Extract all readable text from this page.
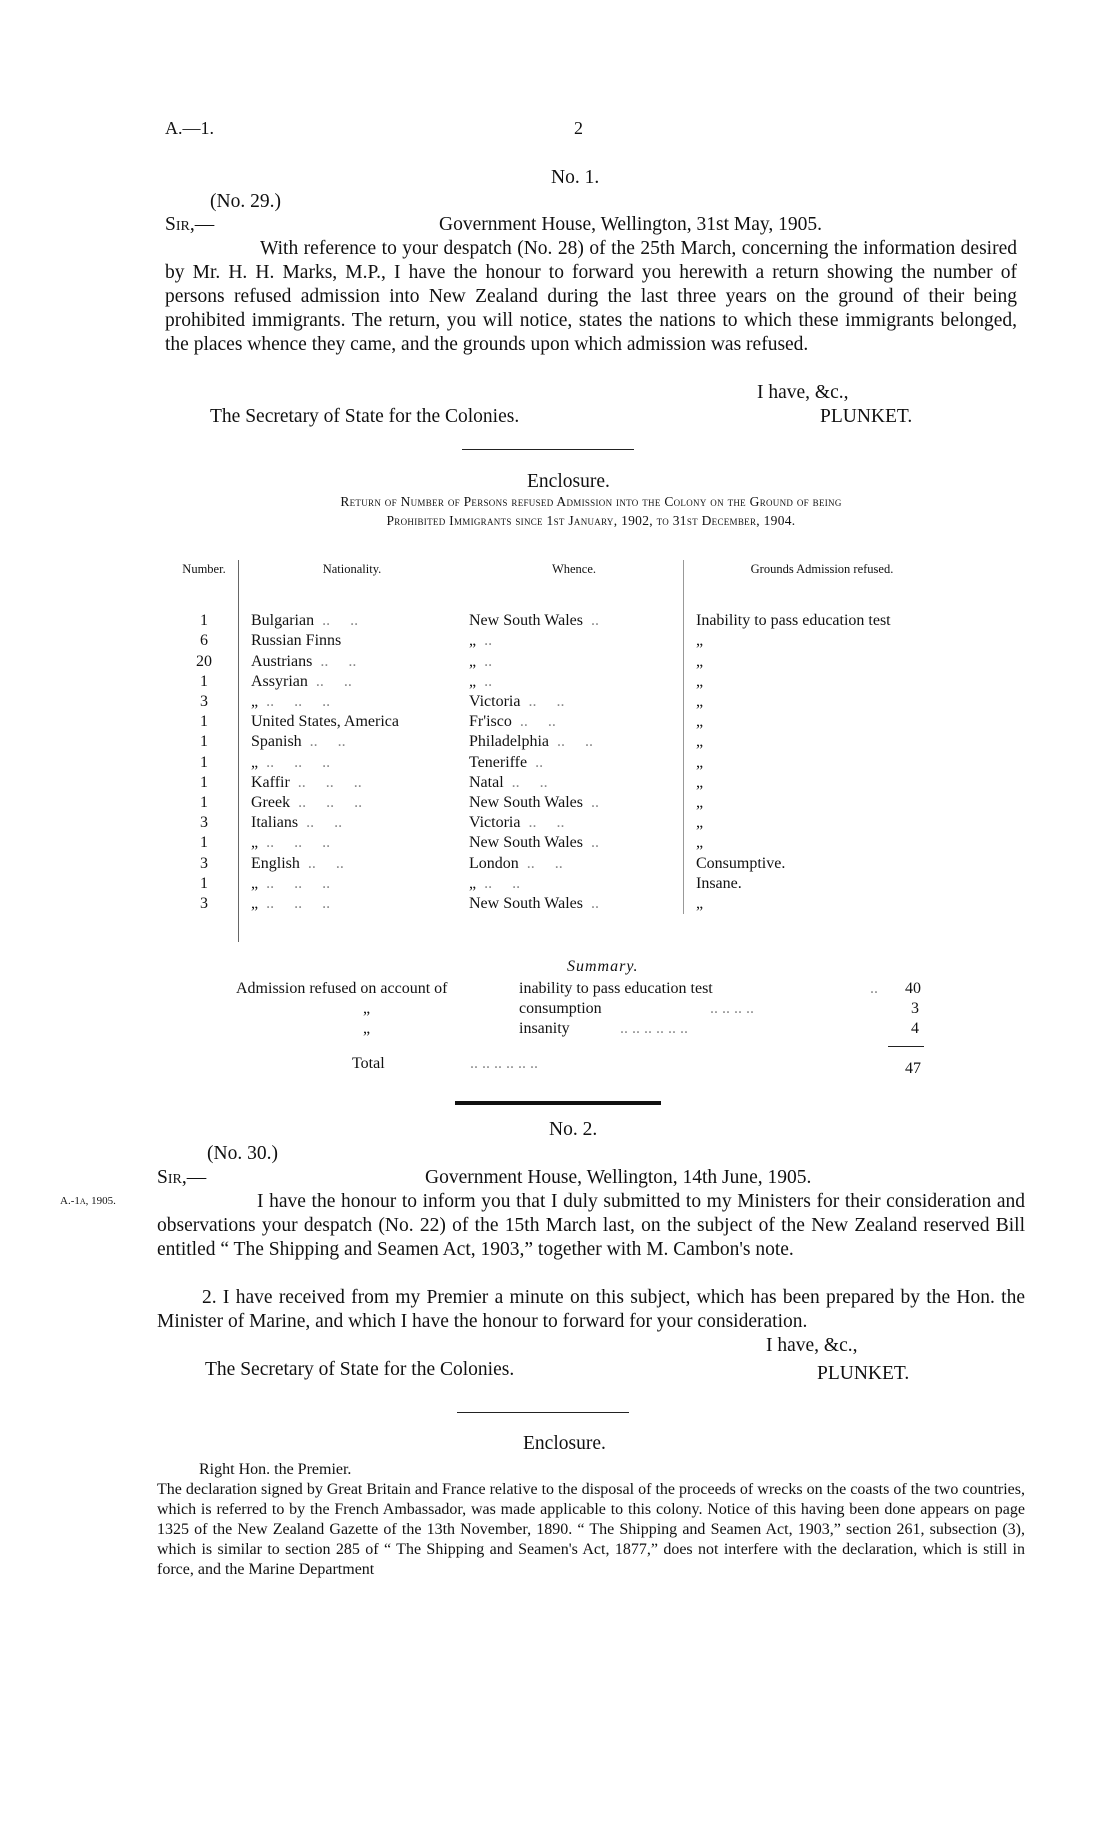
A.—1.	2
No. 1.
(No. 29.)
Sir,—	Government House, Wellington, 31st May, 1905.
With reference to your despatch (No. 28) of the 25th March, concerning the information desired by Mr. H. H. Marks, M.P., I have the honour to forward you herewith a return showing the number of persons refused admission into New Zealand during the last three years on the ground of their being prohibited immigrants. The return, you will notice, states the nations to which these immigrants belonged, the places whence they came, and the grounds upon which admission was refused.
I have, &c.,
The Secretary of State for the Colonies.	PLUNKET.
Enclosure.
Return of Number of Persons refused Admission into the Colony on the Ground of being
Prohibited Immigrants since 1st January, 1902, to 31st December, 1904.
Number.	Nationality.	Whence.	Grounds Admission refused.

1	Bulgarian ..     ..	New South Wales ..	Inability to pass education test
6	Russian Finns	„ ..	„
20	Austrians ..     ..	„ ..	„
1	Assyrian ..     ..	„ ..	„
3	„ ..     ..     ..	Victoria ..     ..	„
1	United States, America	Fr'isco ..     ..	„
1	Spanish ..     ..	Philadelphia ..     ..	„
1	„ ..     ..     ..	Teneriffe ..	„
1	Kaffir ..     ..     ..	Natal ..     ..	„
1	Greek ..     ..     ..	New South Wales ..	„
3	Italians ..     ..	Victoria ..     ..	„
1	„ ..     ..     ..	New South Wales ..	„
3	English ..     ..	London ..     ..	Consumptive.
1	„ ..     ..     ..	„ ..     ..	Insane.
3	„ ..     ..     ..	New South Wales ..	„

Summary.
Admission refused on account of	inability to pass education test	.. 40
„	consumption	.. .. .. ..	3
„	insanity	.. .. .. .. .. ..	4
Total	.. .. .. .. .. ..	47
No. 2.
(No. 30.)
Sir,—	Government House, Wellington, 14th June, 1905.
A.-1a, 1905.	I have the honour to inform you that I duly submitted to my Ministers for their consideration and observations your despatch (No. 22) of the 15th March last, on the subject of the New Zealand reserved Bill entitled “ The Shipping and Seamen Act, 1903,” together with M. Cambon's note.
2. I have received from my Premier a minute on this subject, which has been prepared by the Hon. the Minister of Marine, and which I have the honour to forward for your consideration.
I have, &c.,
The Secretary of State for the Colonies.	PLUNKET.
Enclosure.
Right Hon. the Premier.
The declaration signed by Great Britain and France relative to the disposal of the proceeds of wrecks on the coasts of the two countries, which is referred to by the French Ambassador, was made applicable to this colony. Notice of this having been done appears on page 1325 of the New Zealand Gazette of the 13th November, 1890. “ The Shipping and Seamen Act, 1903,” section 261, subsection (3), which is similar to section 285 of “ The Shipping and Seamen's Act, 1877,” does not interfere with the declaration, which is still in force, and the Marine Department
